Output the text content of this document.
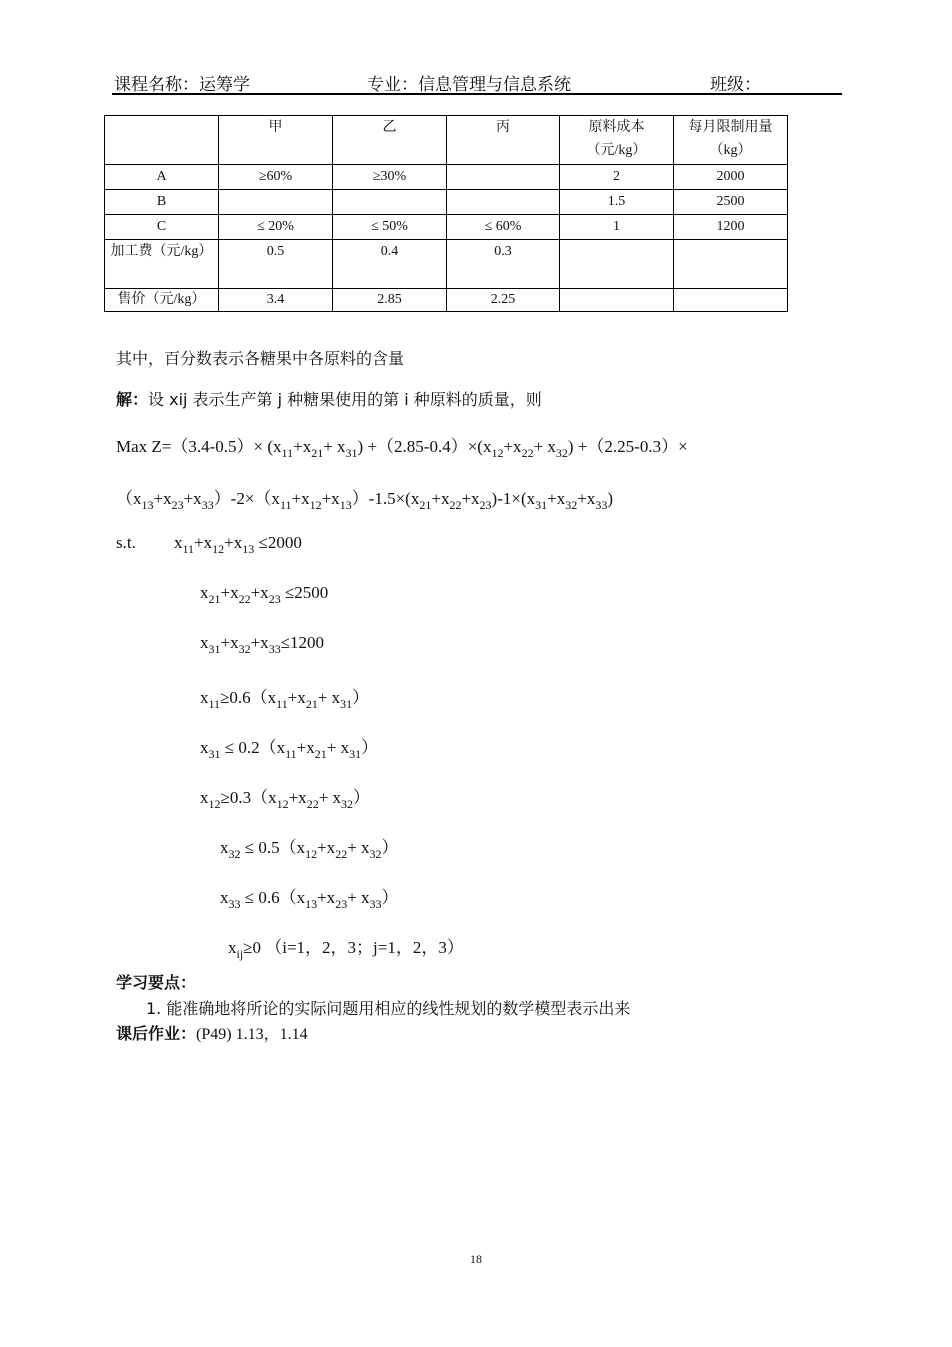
课程名称：运筹学	专业：信息管理与信息系统	班级：
	甲	乙	丙	原料成本（元/kg）	每月限制用量（kg）
A	≥60%	≥30%		2	2000
B				1.5	2500
C	≤ 20%	≤ 50%	≤ 60%	1	1200
加工费（元/kg）	0.5	0.4	0.3		
售价（元/kg）	3.4	2.85	2.25		
其中，百分数表示各糖果中各原料的含量
解：设 xij 表示生产第 j 种糖果使用的第 i 种原料的质量，则
Max $Z=(3.4-0.5)\times (x_{11}+x_{21}+ x_{31}) +(2.85-0.4)\times(x_{12}+x_{22}+ x_{32}) +(2.25-0.3)\times$
$(x_{13}+x_{23}+x_{33})-2\times(x_{11}+x_{12}+x_{13})-1.5\times(x_{21}+x_{22}+x_{23})-1\times(x_{31}+x_{32}+x_{33})$
s.t. $x_{11}+x_{12}+x_{13} \le 2000$
$x_{21}+x_{22}+x_{23} \le 2500$
$x_{31}+x_{32}+x_{33}\le 1200$
$x_{11}\ge 0.6(x_{11}+x_{21}+ x_{31})$
$x_{31} \le 0.2(x_{11}+x_{21}+ x_{31})$
$x_{12}\ge 0.3(x_{12}+x_{22}+ x_{32})$
$x_{32} \le 0.5(x_{12}+x_{22}+ x_{32})$
$x_{33} \le 0.6(x_{13}+x_{23}+ x_{33})$
$x_{ij}\ge 0$ （i=1，2，3；j=1，2，3）
学习要点：
1. 能准确地将所论的实际问题用相应的线性规划的数学模型表示出来
课后作业：(P49) 1.13，1.14
18
